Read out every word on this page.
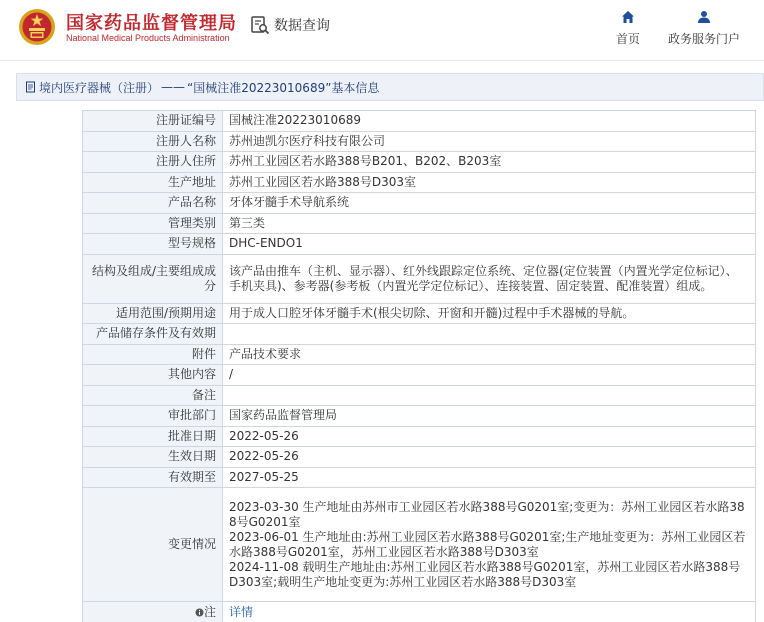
国家药品监督管理局
National Medical Products Administration
数据查询
首页	政务服务门户
境内医疗器械（注册） —— “国械注准20223010689”基本信息
注册证编号	国械注准20223010689
注册人名称	苏州迪凯尔医疗科技有限公司
注册人住所	苏州工业园区若水路388号B201、B202、B203室
生产地址	苏州工业园区若水路388号D303室
产品名称	牙体牙髓手术导航系统
管理类别	第三类
型号规格	DHC-ENDO1
结构及组成/主要组成成分	该产品由推车（主机、显示器）、红外线跟踪定位系统、定位器(定位装置（内置光学定位标记）、手机夹具)、参考器(参考板（内置光学定位标记）、连接装置、固定装置、配准装置）组成。
适用范围/预期用途	用于成人口腔牙体牙髓手术(根尖切除、开窗和开髓)过程中手术器械的导航。
产品储存条件及有效期	
附件	产品技术要求
其他内容	/
备注	
审批部门	国家药品监督管理局
批准日期	2022-05-26
生效日期	2022-05-26
有效期至	2027-05-25
变更情况	2023-03-30 生产地址由苏州市工业园区若水路388号G0201室;变更为：苏州工业园区若水路388号G0201室
2023-06-01 生产地址由:苏州工业园区若水路388号G0201室;生产地址变更为：苏州工业园区若水路388号G0201室，苏州工业园区若水路388号D303室
2024-11-08 载明生产地址由:苏州工业园区若水路388号G0201室，苏州工业园区若水路388号D303室;载明生产地址变更为:苏州工业园区若水路388号D303室

注	详情
